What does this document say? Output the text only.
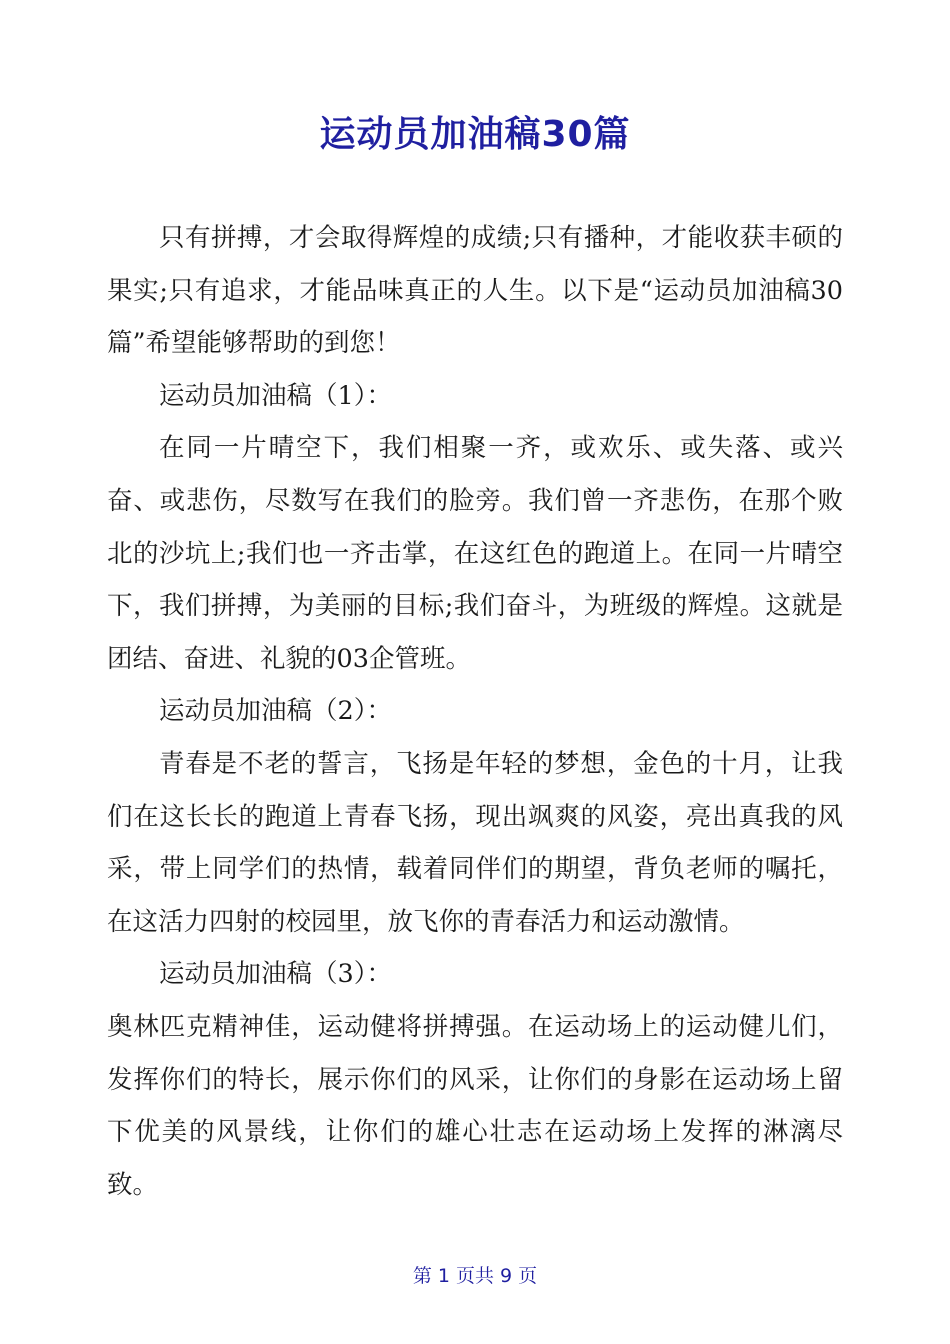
运动员加油稿30篇

只有拼搏，才会取得辉煌的成绩;只有播种，才能收获丰硕的果实;只有追求，才能品味真正的人生。以下是“运动员加油稿30篇”希望能够帮助的到您！

运动员加油稿（1）：

在同一片晴空下，我们相聚一齐，或欢乐、或失落、或兴奋、或悲伤，尽数写在我们的脸旁。我们曾一齐悲伤，在那个败北的沙坑上;我们也一齐击掌，在这红色的跑道上。在同一片晴空下，我们拼搏，为美丽的目标;我们奋斗，为班级的辉煌。这就是团结、奋进、礼貌的03企管班。

运动员加油稿（2）：

青春是不老的誓言，飞扬是年轻的梦想，金色的十月，让我们在这长长的跑道上青春飞扬，现出飒爽的风姿，亮出真我的风采，带上同学们的热情，载着同伴们的期望，背负老师的嘱托，在这活力四射的校园里，放飞你的青春活力和运动激情。

运动员加油稿（3）：

奥林匹克精神佳，运动健将拼搏强。在运动场上的运动健儿们，发挥你们的特长，展示你们的风采，让你们的身影在运动场上留下优美的风景线，让你们的雄心壮志在运动场上发挥的淋漓尽致。

第 1 页共 9 页
